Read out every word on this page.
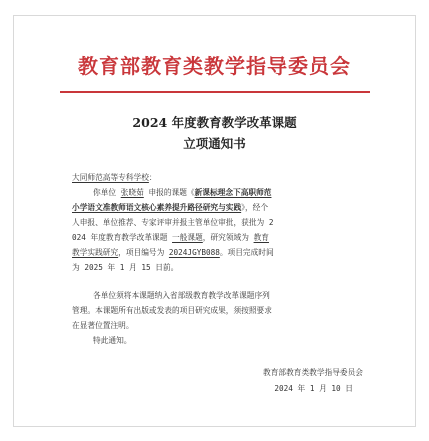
教育部教育类教学指导委员会
2024 年度教育教学改革课题
立项通知书
大同师范高等专科学校：
你单位 张晓茹 申报的课题《新课标理念下高职师范
小学语文准教师语文核心素养提升路径研究与实践》，经个
人申报、单位推荐、专家评审并报主管单位审批，获批为 2
024 年度教育教学改革课题 一般课题，研究领域为 教育
教学实践研究，项目编号为 2024JGYB088。项目完成时间
为 2025 年 1 月 15 日前。
各单位须将本课题纳入省部级教育教学改革课题序列
管理。本课题所有出版或发表的项目研究成果，须按照要求
在显著位置注明。
特此通知。
教育部教育类教学指导委员会
2024 年 1 月 10 日
